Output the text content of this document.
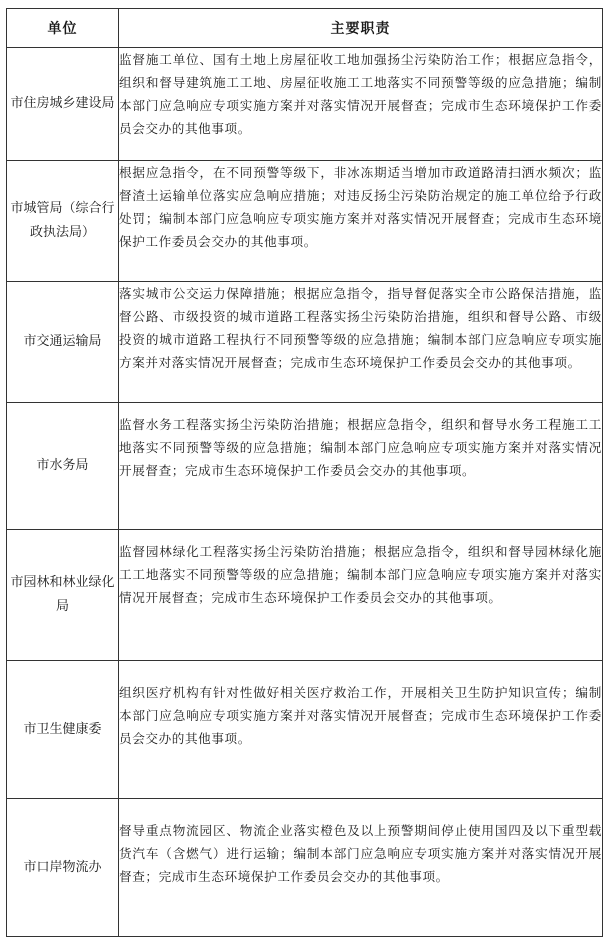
单位	主要职责
市住房城乡建设局	监督施工单位、国有土地上房屋征收工地加强扬尘污染防治工作；根据应急指令，组织和督导建筑施工工地、房屋征收施工工地落实不同预警等级的应急措施；编制本部门应急响应专项实施方案并对落实情况开展督查；完成市生态环境保护工作委员会交办的其他事项。
市城管局（综合行政执法局）	根据应急指令，在不同预警等级下，非冰冻期适当增加市政道路清扫洒水频次；监督渣土运输单位落实应急响应措施；对违反扬尘污染防治规定的施工单位给予行政处罚；编制本部门应急响应专项实施方案并对落实情况开展督查；完成市生态环境保护工作委员会交办的其他事项。
市交通运输局	落实城市公交运力保障措施；根据应急指令，指导督促落实全市公路保洁措施，监督公路、市级投资的城市道路工程落实扬尘污染防治措施，组织和督导公路、市级投资的城市道路工程执行不同预警等级的应急措施；编制本部门应急响应专项实施方案并对落实情况开展督查；完成市生态环境保护工作委员会交办的其他事项。
市水务局	监督水务工程落实扬尘污染防治措施；根据应急指令，组织和督导水务工程施工工地落实不同预警等级的应急措施；编制本部门应急响应专项实施方案并对落实情况开展督查；完成市生态环境保护工作委员会交办的其他事项。
市园林和林业绿化局	监督园林绿化工程落实扬尘污染防治措施；根据应急指令，组织和督导园林绿化施工工地落实不同预警等级的应急措施；编制本部门应急响应专项实施方案并对落实情况开展督查；完成市生态环境保护工作委员会交办的其他事项。
市卫生健康委	组织医疗机构有针对性做好相关医疗救治工作，开展相关卫生防护知识宣传；编制本部门应急响应专项实施方案并对落实情况开展督查；完成市生态环境保护工作委员会交办的其他事项。
市口岸物流办	督导重点物流园区、物流企业落实橙色及以上预警期间停止使用国四及以下重型载货汽车（含燃气）进行运输；编制本部门应急响应专项实施方案并对落实情况开展督查；完成市生态环境保护工作委员会交办的其他事项。
